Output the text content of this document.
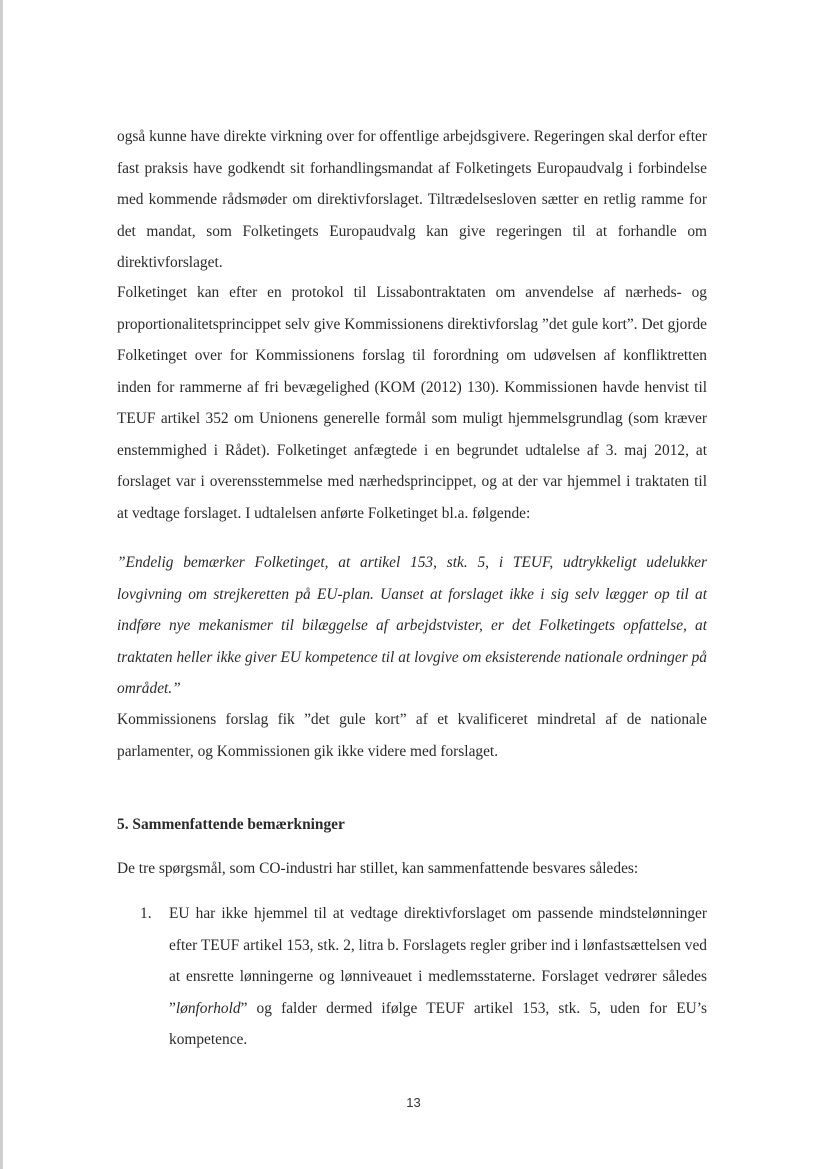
også kunne have direkte virkning over for offentlige arbejdsgivere. Regeringen skal derfor efter fast praksis have godkendt sit forhandlingsmandat af Folketingets Europaudvalg i forbindelse med kommende rådsmøder om direktivforslaget. Tiltrædelsesloven sætter en retlig ramme for det mandat, som Folketingets Europaudvalg kan give regeringen til at forhandle om direktivforslaget.

Folketinget kan efter en protokol til Lissabontraktaten om anvendelse af nærheds- og proportionalitetsprincippet selv give Kommissionens direktivforslag ”det gule kort”. Det gjorde Folketinget over for Kommissionens forslag til forordning om udøvelsen af konfliktretten inden for rammerne af fri bevægelighed (KOM (2012) 130). Kommissionen havde henvist til TEUF artikel 352 om Unionens generelle formål som muligt hjemmelsgrundlag (som kræver enstemmighed i Rådet). Folketinget anfægtede i en begrundet udtalelse af 3. maj 2012, at forslaget var i overensstemmelse med nærhedsprincippet, og at der var hjemmel i traktaten til at vedtage forslaget. I udtalelsen anførte Folketinget bl.a. følgende:

”Endelig bemærker Folketinget, at artikel 153, stk. 5, i TEUF, udtrykkeligt udelukker lovgivning om strejkeretten på EU-plan. Uanset at forslaget ikke i sig selv lægger op til at indføre nye mekanismer til bilæggelse af arbejdstvister, er det Folketingets opfattelse, at traktaten heller ikke giver EU kompetence til at lovgive om eksisterende nationale ordninger på området.”

Kommissionens forslag fik ”det gule kort” af et kvalificeret mindretal af de nationale parlamenter, og Kommissionen gik ikke videre med forslaget.

5. Sammenfattende bemærkninger

De tre spørgsmål, som CO-industri har stillet, kan sammenfattende besvares således:

1.	EU har ikke hjemmel til at vedtage direktivforslaget om passende mindstelønninger efter TEUF artikel 153, stk. 2, litra b. Forslagets regler griber ind i lønfastsættelsen ved at ensrette lønningerne og lønniveauet i medlemsstaterne. Forslaget vedrører således ”lønforhold” og falder dermed ifølge TEUF artikel 153, stk. 5, uden for EU’s kompetence.

13
